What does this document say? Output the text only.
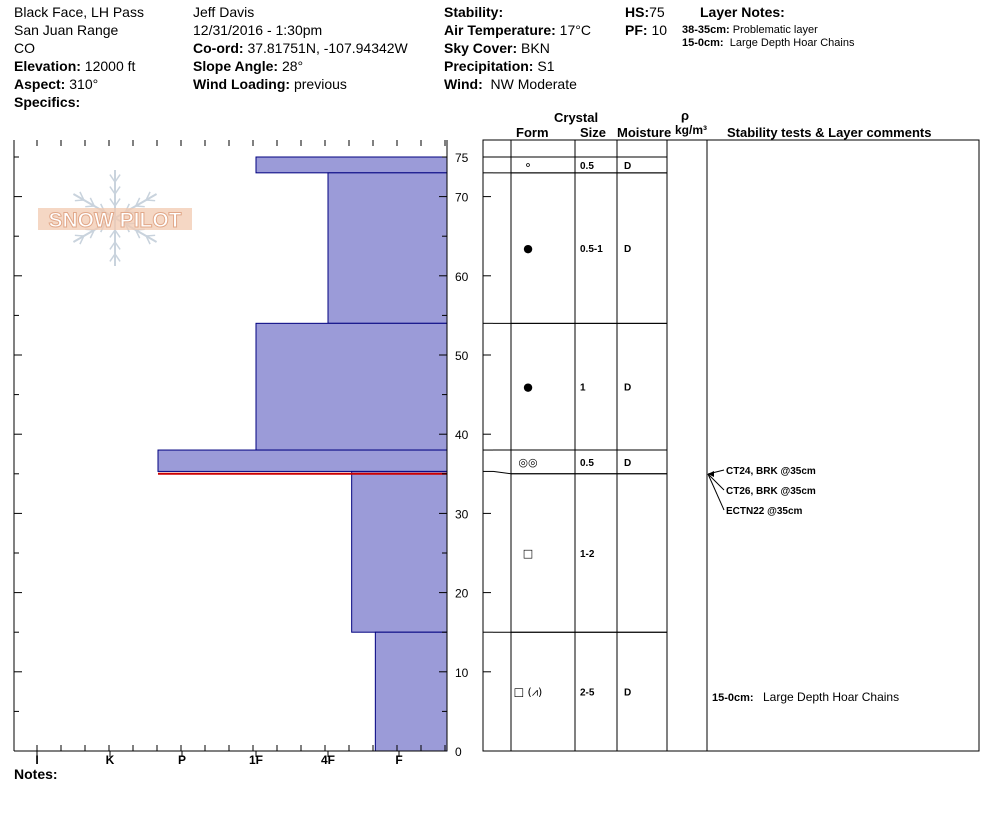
Black Face, LH Pass
San Juan Range
CO
Elevation: 12000 ft
Aspect: 310°
Specifics:
Jeff Davis
12/31/2016 - 1:30pm
Co-ord: 37.81751N, -107.94342W
Slope Angle: 28°
Wind Loading: previous
Stability:
Air Temperature: 17°C
Sky Cover: BKN
Precipitation: S1
Wind: NW Moderate
HS:75
PF: 10
Layer Notes:
38-35cm: Problematic layer
15-0cm: Large Depth Hoar Chains
Crystal
Form Size Moisture
ρ
kg/m³ Stability tests & Layer comments
Notes:
0
10
20
30
40
50
60
70
75
I	K	P	1F	4F	F
SNOW PILOT
⚬	0.5	D
●	0.5-1 D
●	1	D
◎◎	0.5	D
□	1-2
□ (⩘)	2-5	D
CT24, BRK @35cm
CT26, BRK @35cm
ECTN22 @35cm
15-0cm: Large Depth Hoar Chains
